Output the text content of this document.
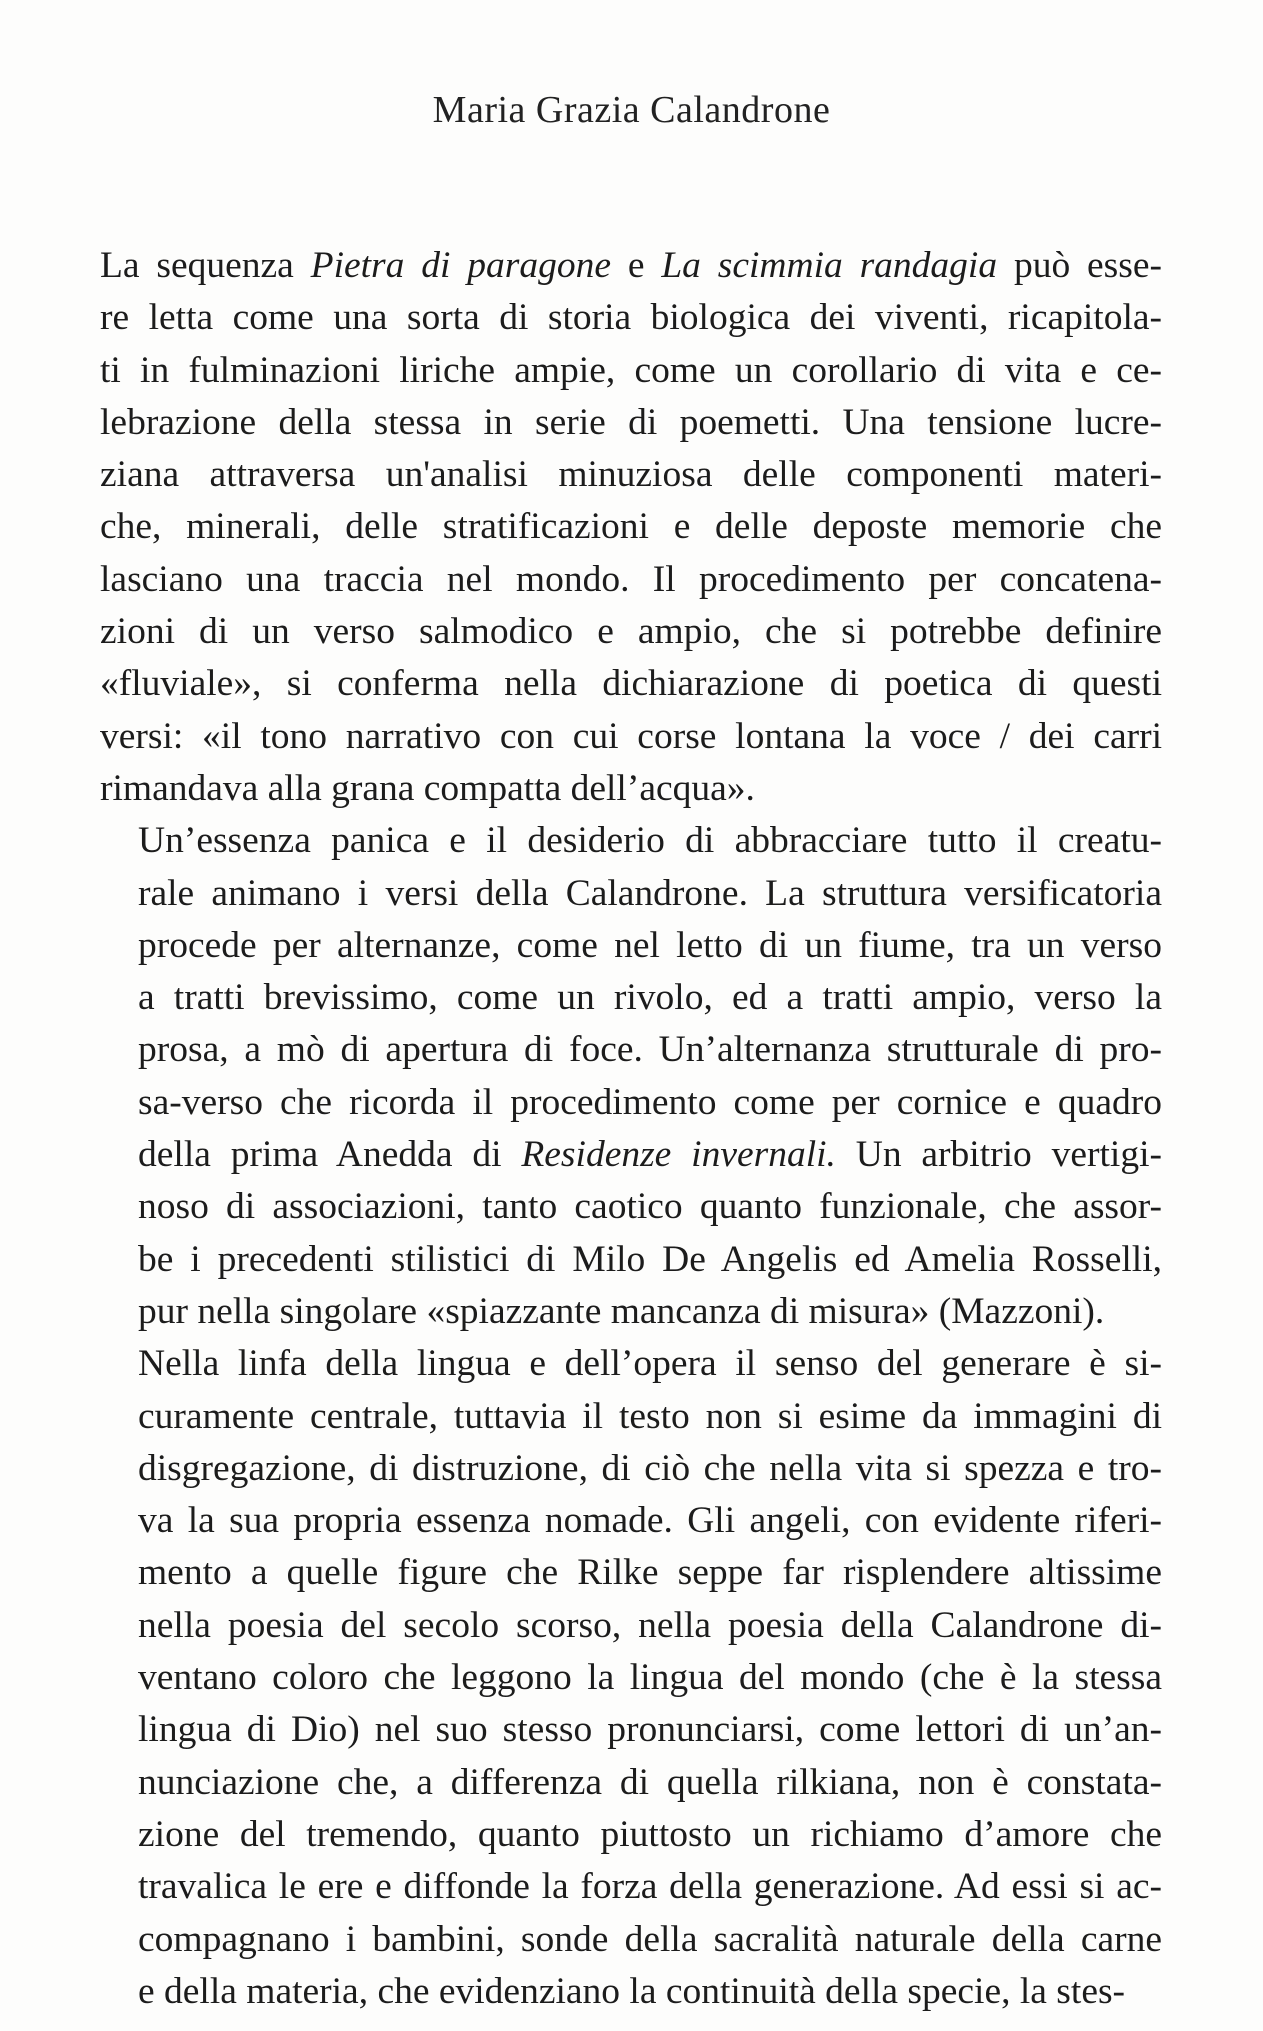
Maria Grazia Calandrone

La sequenza Pietra di paragone e La scimmia randagia può esse-
re letta come una sorta di storia biologica dei viventi, ricapitola-
ti in fulminazioni liriche ampie, come un corollario di vita e ce-
lebrazione della stessa in serie di poemetti. Una tensione lucre-
ziana attraversa un'analisi minuziosa delle componenti materi-
che, minerali, delle stratificazioni e delle deposte memorie che
lasciano una traccia nel mondo. Il procedimento per concatena-
zioni di un verso salmodico e ampio, che si potrebbe definire
«fluviale», si conferma nella dichiarazione di poetica di questi
versi: «il tono narrativo con cui corse lontana la voce / dei carri
rimandava alla grana compatta dell’acqua».

Un’essenza panica e il desiderio di abbracciare tutto il creatu-
rale animano i versi della Calandrone. La struttura versificatoria
procede per alternanze, come nel letto di un fiume, tra un verso
a tratti brevissimo, come un rivolo, ed a tratti ampio, verso la
prosa, a mò di apertura di foce. Un’alternanza strutturale di pro-
sa-verso che ricorda il procedimento come per cornice e quadro
della prima Anedda di Residenze invernali. Un arbitrio vertigi-
noso di associazioni, tanto caotico quanto funzionale, che assor-
be i precedenti stilistici di Milo De Angelis ed Amelia Rosselli,
pur nella singolare «spiazzante mancanza di misura» (Mazzoni).

Nella linfa della lingua e dell’opera il senso del generare è si-
curamente centrale, tuttavia il testo non si esime da immagini di
disgregazione, di distruzione, di ciò che nella vita si spezza e tro-
va la sua propria essenza nomade. Gli angeli, con evidente riferi-
mento a quelle figure che Rilke seppe far risplendere altissime
nella poesia del secolo scorso, nella poesia della Calandrone di-
ventano coloro che leggono la lingua del mondo (che è la stessa
lingua di Dio) nel suo stesso pronunciarsi, come lettori di un’an-
nunciazione che, a differenza di quella rilkiana, non è constata-
zione del tremendo, quanto piuttosto un richiamo d’amore che
travalica le ere e diffonde la forza della generazione. Ad essi si ac-
compagnano i bambini, sonde della sacralità naturale della carne
e della materia, che evidenziano la continuità della specie, la stes-
